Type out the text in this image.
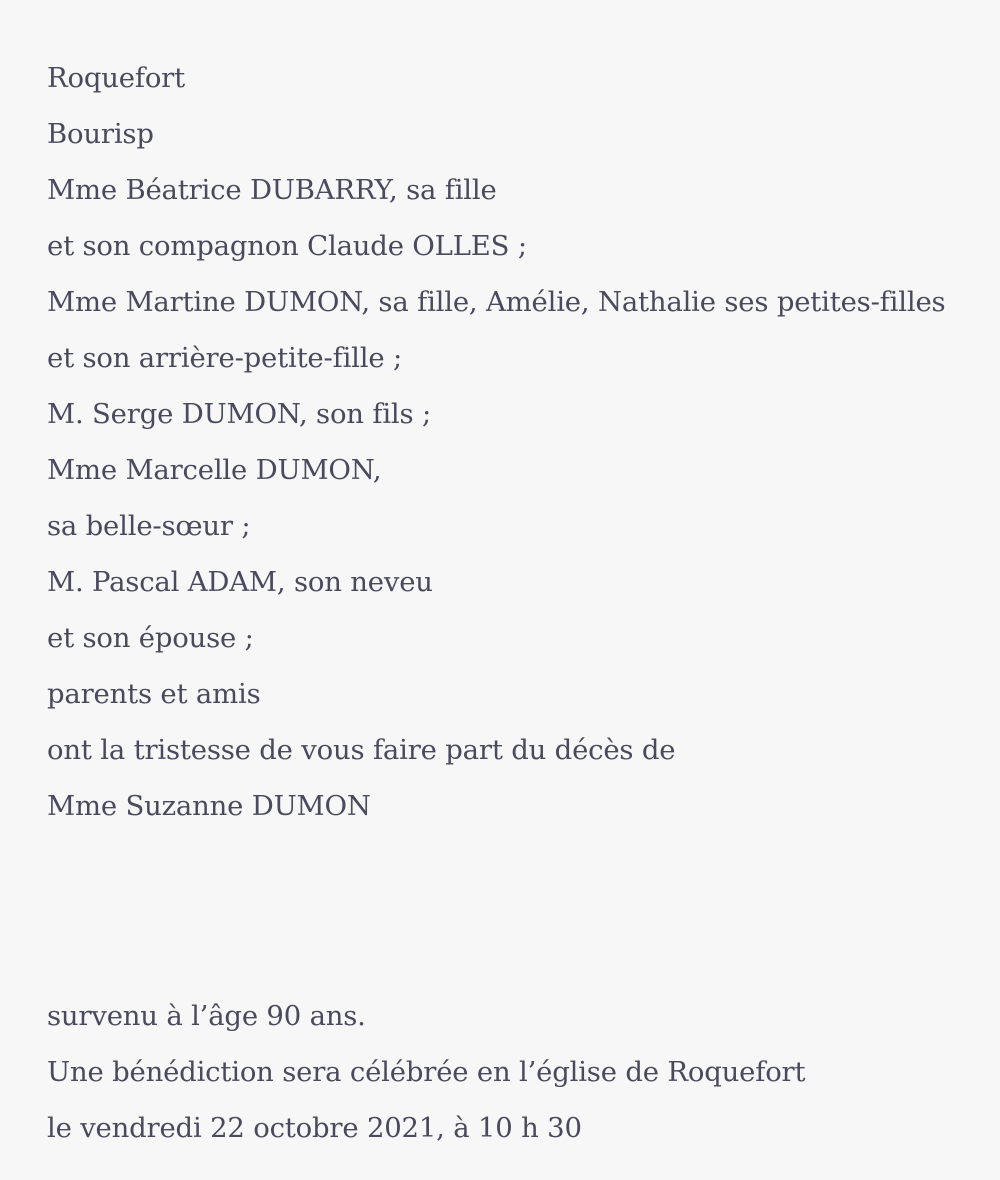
Roquefort
Bourisp
Mme Béatrice DUBARRY, sa fille
et son compagnon Claude OLLES ;
Mme Martine DUMON, sa fille, Amélie, Nathalie ses petites-filles
et son arrière-petite-fille ;
M. Serge DUMON, son fils ;
Mme Marcelle DUMON,
sa belle-sœur ;
M. Pascal ADAM, son neveu
et son épouse ;
parents et amis
ont la tristesse de vous faire part du décès de
Mme Suzanne DUMON
survenu à l’âge 90 ans.
Une bénédiction sera célébrée en l’église de Roquefort
le vendredi 22 octobre 2021, à 10 h 30
